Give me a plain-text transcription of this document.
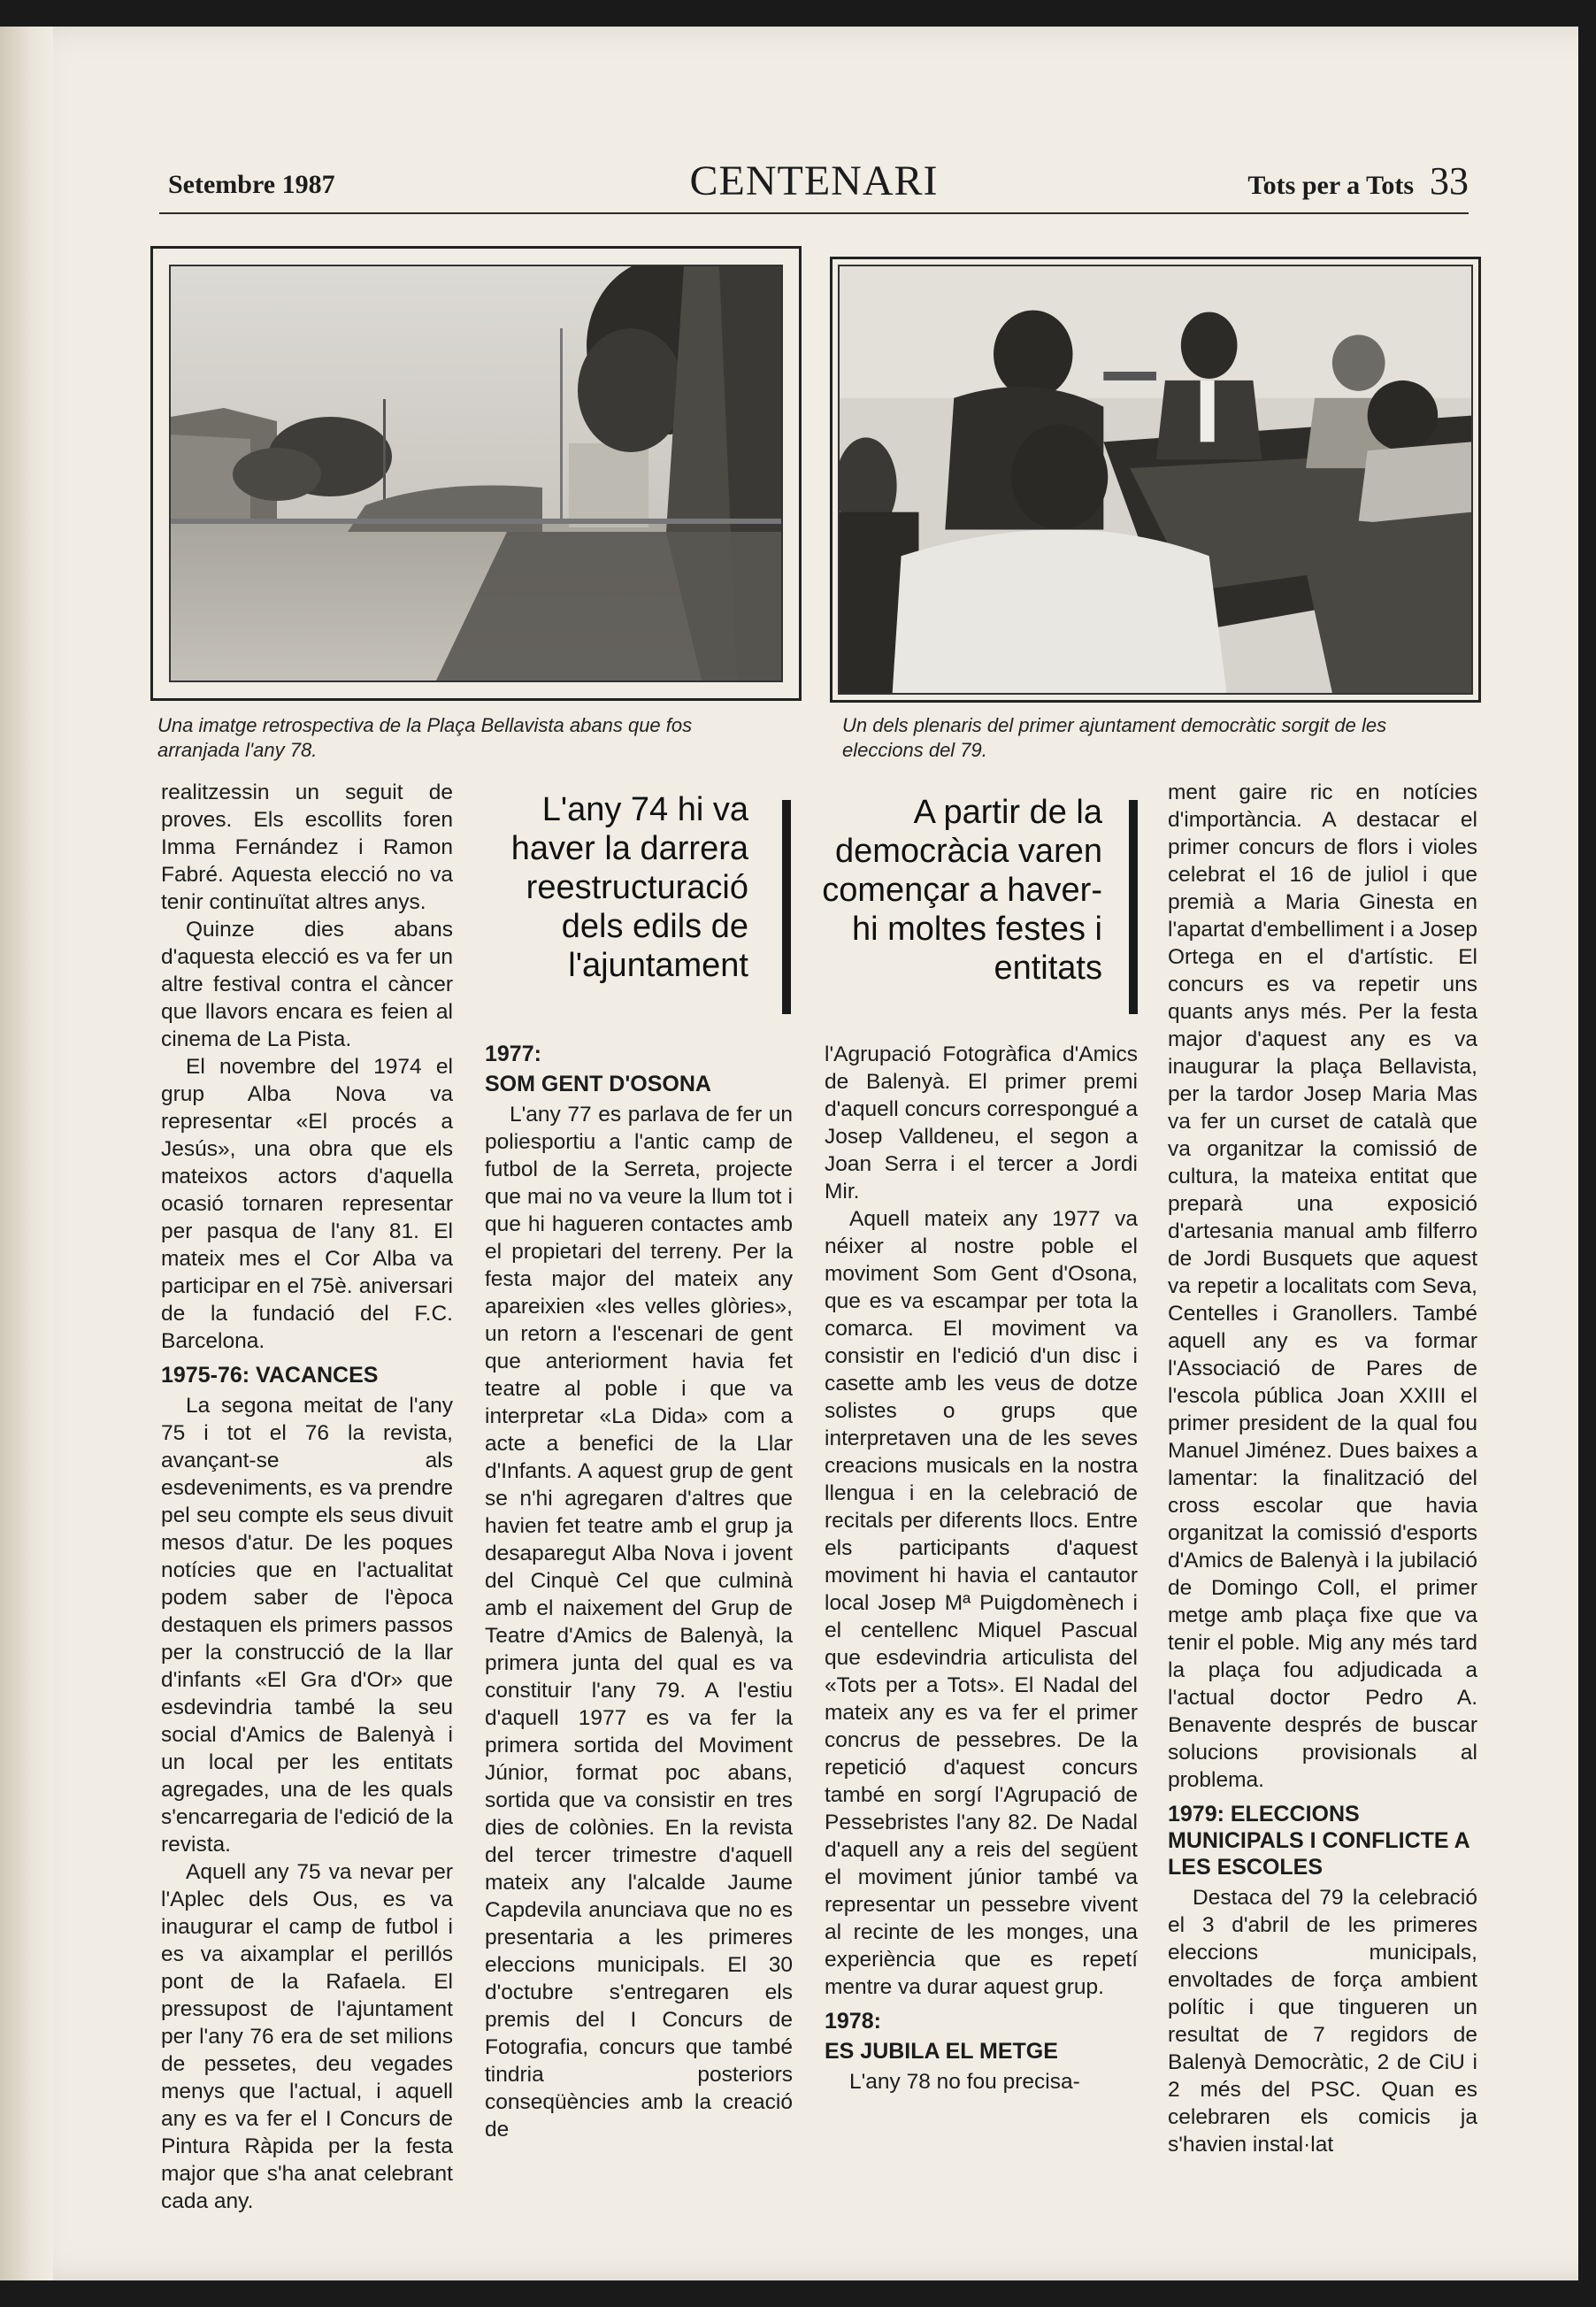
Setembre 1987	CENTENARI	Tots per a Tots 33
Una imatge retrospectiva de la Plaça Bellavista abans que fos arranjada l'any 78.
Un dels plenaris del primer ajuntament democràtic sorgit de les eleccions del 79.

realitzessin un seguit de proves. Els escollits foren Imma Fernández i Ramon Fabré. Aquesta elecció no va tenir continuïtat altres anys.

Quinze dies abans d'aquesta elecció es va fer un altre festival contra el càncer que llavors encara es feien al cinema de La Pista.

El novembre del 1974 el grup Alba Nova va representar «El procés a Jesús», una obra que els mateixos actors d'aquella ocasió tornaren representar per pasqua de l'any 81. El mateix mes el Cor Alba va participar en el 75è. aniversari de la fundació del F.C. Barcelona.

1975-76: VACANCES

La segona meitat de l'any 75 i tot el 76 la revista, avançant-se als esdeveniments, es va prendre pel seu compte els seus divuit mesos d'atur. De les poques notícies que en l'actualitat podem saber de l'època destaquen els primers passos per la construcció de la llar d'infants «El Gra d'Or» que esdevindria també la seu social d'Amics de Balenyà i un local per les entitats agregades, una de les quals s'encarregaria de l'edició de la revista.

Aquell any 75 va nevar per l'Aplec dels Ous, es va inaugurar el camp de futbol i es va aixamplar el perillós pont de la Rafaela. El pressupost de l'ajuntament per l'any 76 era de set milions de pessetes, deu vegades menys que l'actual, i aquell any es va fer el I Concurs de Pintura Ràpida per la festa major que s'ha anat celebrant cada any.

L'any 74 hi va haver la darrera reestructuració dels edils de l'ajuntament
1977:
SOM GENT D'OSONA

L'any 77 es parlava de fer un poliesportiu a l'antic camp de futbol de la Serreta, projecte que mai no va veure la llum tot i que hi hagueren contactes amb el propietari del terreny. Per la festa major del mateix any apareixien «les velles glòries», un retorn a l'escenari de gent que anteriorment havia fet teatre al poble i que va interpretar «La Dida» com a acte a benefici de la Llar d'Infants. A aquest grup de gent se n'hi agregaren d'altres que havien fet teatre amb el grup ja desaparegut Alba Nova i jovent del Cinquè Cel que culminà amb el naixement del Grup de Teatre d'Amics de Balenyà, la primera junta del qual es va constituir l'any 79. A l'estiu d'aquell 1977 es va fer la primera sortida del Moviment Júnior, format poc abans, sortida que va consistir en tres dies de colònies. En la revista del tercer trimestre d'aquell mateix any l'alcalde Jaume Capdevila anunciava que no es presentaria a les primeres eleccions municipals. El 30 d'octubre s'entregaren els premis del I Concurs de Fotografia, concurs que també tindria posteriors conseqüències amb la creació de

A partir de la democràcia varen començar a haver-hi moltes festes i entitats

l'Agrupació Fotogràfica d'Amics de Balenyà. El primer premi d'aquell concurs correspongué a Josep Valldeneu, el segon a Joan Serra i el tercer a Jordi Mir.

Aquell mateix any 1977 va néixer al nostre poble el moviment Som Gent d'Osona, que es va escampar per tota la comarca. El moviment va consistir en l'edició d'un disc i casette amb les veus de dotze solistes o grups que interpretaven una de les seves creacions musicals en la nostra llengua i en la celebració de recitals per diferents llocs. Entre els participants d'aquest moviment hi havia el cantautor local Josep Mª Puigdomènech i el centellenc Miquel Pascual que esdevindria articulista del «Tots per a Tots». El Nadal del mateix any es va fer el primer concrus de pessebres. De la repetició d'aquest concurs també en sorgí l'Agrupació de Pessebristes l'any 82. De Nadal d'aquell any a reis del següent el moviment júnior també va representar un pessebre vivent al recinte de les monges, una experiència que es repetí mentre va durar aquest grup.

1978:
ES JUBILA EL METGE

L'any 78 no fou precisa-

ment gaire ric en notícies d'importància. A destacar el primer concurs de flors i violes celebrat el 16 de juliol i que premià a Maria Ginesta en l'apartat d'embelliment i a Josep Ortega en el d'artístic. El concurs es va repetir uns quants anys més. Per la festa major d'aquest any es va inaugurar la plaça Bellavista, per la tardor Josep Maria Mas va fer un curset de català que va organitzar la comissió de cultura, la mateixa entitat que preparà una exposició d'artesania manual amb filferro de Jordi Busquets que aquest va repetir a localitats com Seva, Centelles i Granollers. També aquell any es va formar l'Associació de Pares de l'escola pública Joan XXIII el primer president de la qual fou Manuel Jiménez. Dues baixes a lamentar: la finalització del cross escolar que havia organitzat la comissió d'esports d'Amics de Balenyà i la jubilació de Domingo Coll, el primer metge amb plaça fixe que va tenir el poble. Mig any més tard la plaça fou adjudicada a l'actual doctor Pedro A. Benavente després de buscar solucions provisionals al problema.

1979: ELECCIONS MUNICIPALS I CONFLICTE A LES ESCOLES

Destaca del 79 la celebració el 3 d'abril de les primeres eleccions municipals, envoltades de força ambient polític i que tingueren un resultat de 7 regidors de Balenyà Democràtic, 2 de CiU i 2 més del PSC. Quan es celebraren els comicis ja s'havien instal·lat
